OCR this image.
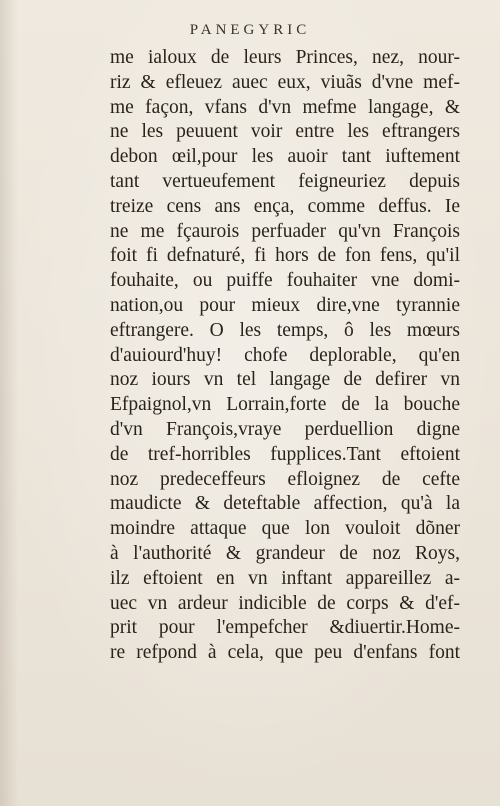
PANEGYRIC
me ialoux de leurs Princes, nez, nour-
riz & efleuez auec eux, viuãs d'vne mef-
me façon, vfans d'vn mefme langage, &
ne les peuuent voir entre les eftrangers
debon œil,pour les auoir tant iuftement
tant vertueufement feigneuriez depuis
treize cens ans ença, comme deffus. Ie
ne me fçaurois perfuader qu'vn François
foit fi defnaturé, fi hors de fon fens, qu'il
fouhaite, ou puiffe fouhaiter vne domi-
nation,ou pour mieux dire,vne tyrannie
eftrangere. O les temps, ô les mœurs
d'auiourd'huy! chofe deplorable, qu'en
noz iours vn tel langage de defirer vn
Efpaignol,vn Lorrain,forte de la bouche
d'vn François,vraye perduellion digne
de tref-horribles fupplices.Tant eftoient
noz predeceffeurs efloignez de cefte
maudicte & deteftable affection, qu'à la
moindre attaque que lon vouloit dõner
à l'authorité & grandeur de noz Roys,
ilz eftoient en vn inftant appareillez a-
uec vn ardeur indicible de corps & d'ef-
prit pour l'empefcher &diuertir.Home-
re refpond à cela, que peu d'enfans font
